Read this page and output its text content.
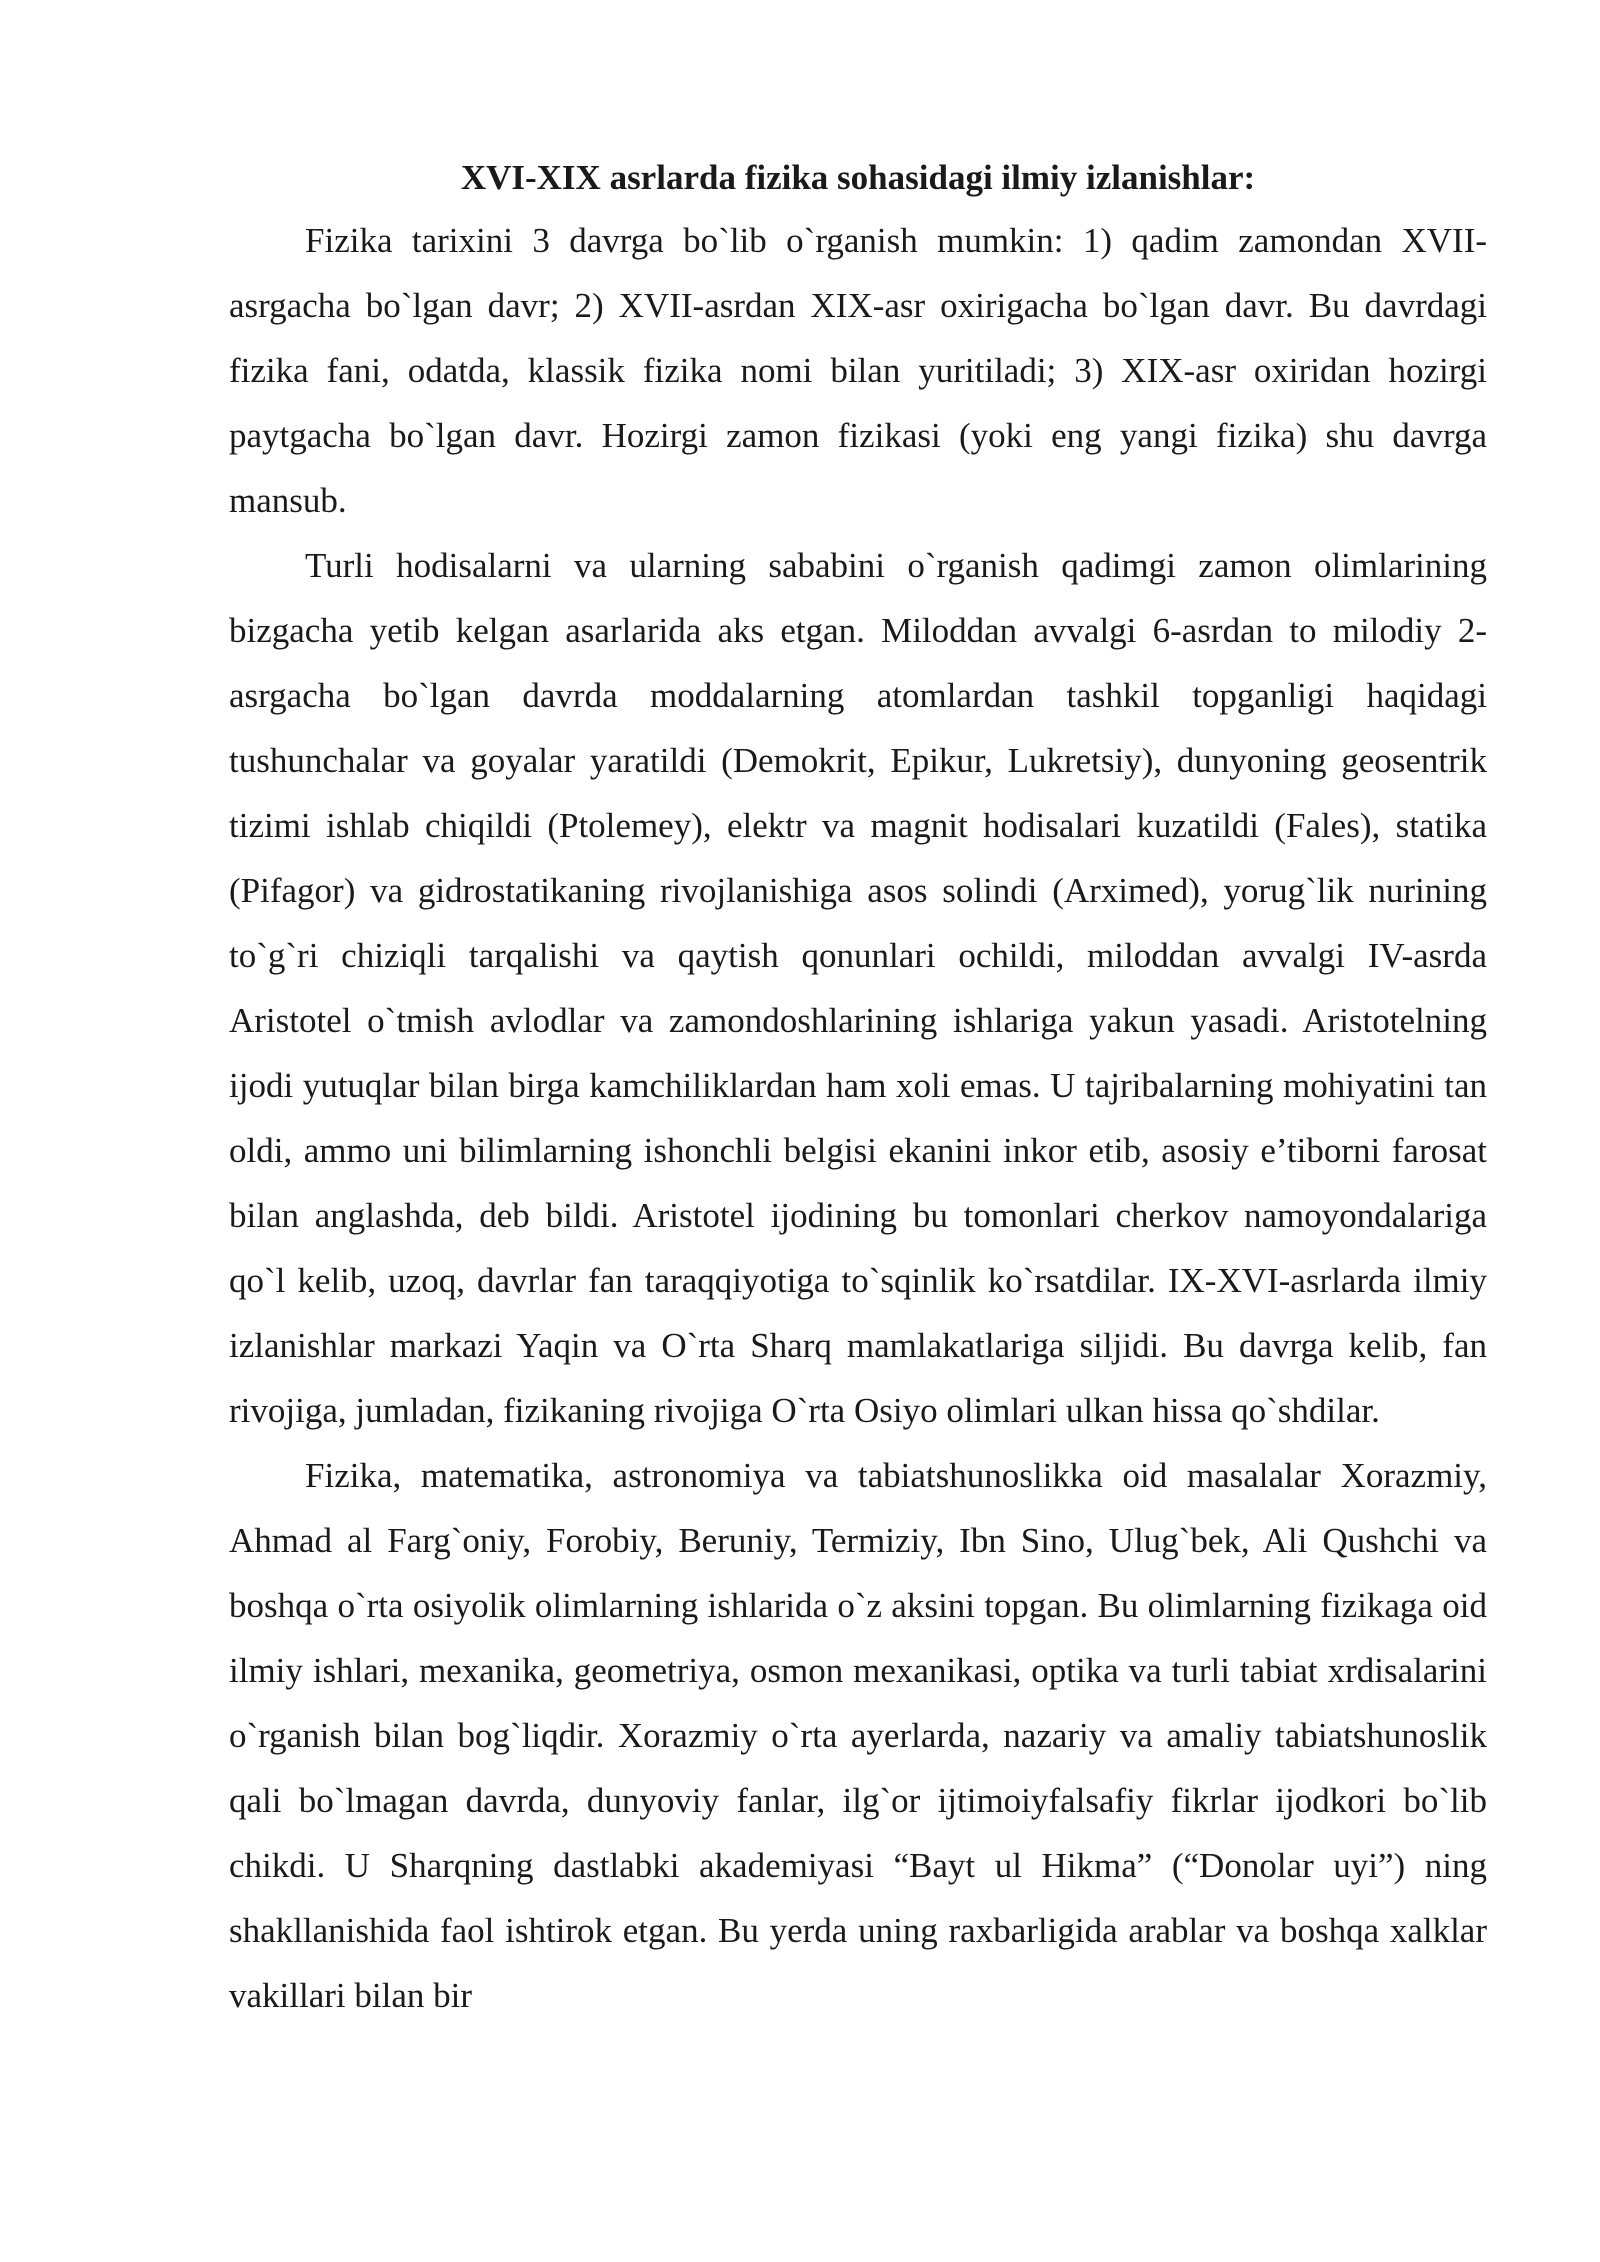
XVI-XIX asrlarda fizika sohasidagi ilmiy izlanishlar:

Fizika tarixini 3 davrga bo`lib o`rganish mumkin: 1) qadim zamondan XVII-asrgacha bo`lgan davr; 2) XVII-asrdan XIX-asr oxirigacha bo`lgan davr. Bu davrdagi fizika fani, odatda, klassik fizika nomi bilan yuritiladi; 3) XIX-asr oxiridan hozirgi paytgacha bo`lgan davr. Hozirgi zamon fizikasi (yoki eng yangi fizika) shu davrga mansub.

Turli hodisalarni va ularning sababini o`rganish qadimgi zamon olimlarining bizgacha yetib kelgan asarlarida aks etgan. Miloddan avvalgi 6-asrdan to milodiy 2-asrgacha bo`lgan davrda moddalarning atomlardan tashkil topganligi haqidagi tushunchalar va goyalar yaratildi (Demokrit, Epikur, Lukretsiy), dunyoning geosentrik tizimi ishlab chiqildi (Ptolemey), elektr va magnit hodisalari kuzatildi (Fales), statika (Pifagor) va gidrostatikaning rivojlanishiga asos solindi (Arximed), yorug`lik nurining to`g`ri chiziqli tarqalishi va qaytish qonunlari ochildi, miloddan avvalgi IV-asrda Aristotel o`tmish avlodlar va zamondoshlarining ishlariga yakun yasadi. Aristotelning ijodi yutuqlar bilan birga kamchiliklardan ham xoli emas. U tajribalarning mohiyatini tan oldi, ammo uni bilimlarning ishonchli belgisi ekanini inkor etib, asosiy e’tiborni farosat bilan anglashda, deb bildi. Aristotel ijodining bu tomonlari cherkov namoyondalariga qo`l kelib, uzoq, davrlar fan taraqqiyotiga to`sqinlik ko`rsatdilar. IX-XVI-asrlarda ilmiy izlanishlar markazi Yaqin va O`rta Sharq mamlakatlariga siljidi. Bu davrga kelib, fan rivojiga, jumladan, fizikaning rivojiga O`rta Osiyo olimlari ulkan hissa qo`shdilar.

Fizika, matematika, astronomiya va tabiatshunoslikka oid masalalar Xorazmiy, Ahmad al Farg`oniy, Forobiy, Beruniy, Termiziy, Ibn Sino, Ulug`bek, Ali Qushchi va boshqa o`rta osiyolik olimlarning ishlarida o`z aksini topgan. Bu olimlarning fizikaga oid ilmiy ishlari, mexanika, geometriya, osmon mexanikasi, optika va turli tabiat xrdisalarini o`rganish bilan bog`liqdir. Xorazmiy o`rta ayerlarda, nazariy va amaliy tabiatshunoslik qali bo`lmagan davrda, dunyoviy fanlar, ilg`or ijtimoiyfalsafiy fikrlar ijodkori bo`lib chikdi. U Sharqning dastlabki akademiyasi “Bayt ul Hikma” (“Donolar uyi”) ning shakllanishida faol ishtirok etgan. Bu yerda uning raxbarligida arablar va boshqa xalklar vakillari bilan bir
